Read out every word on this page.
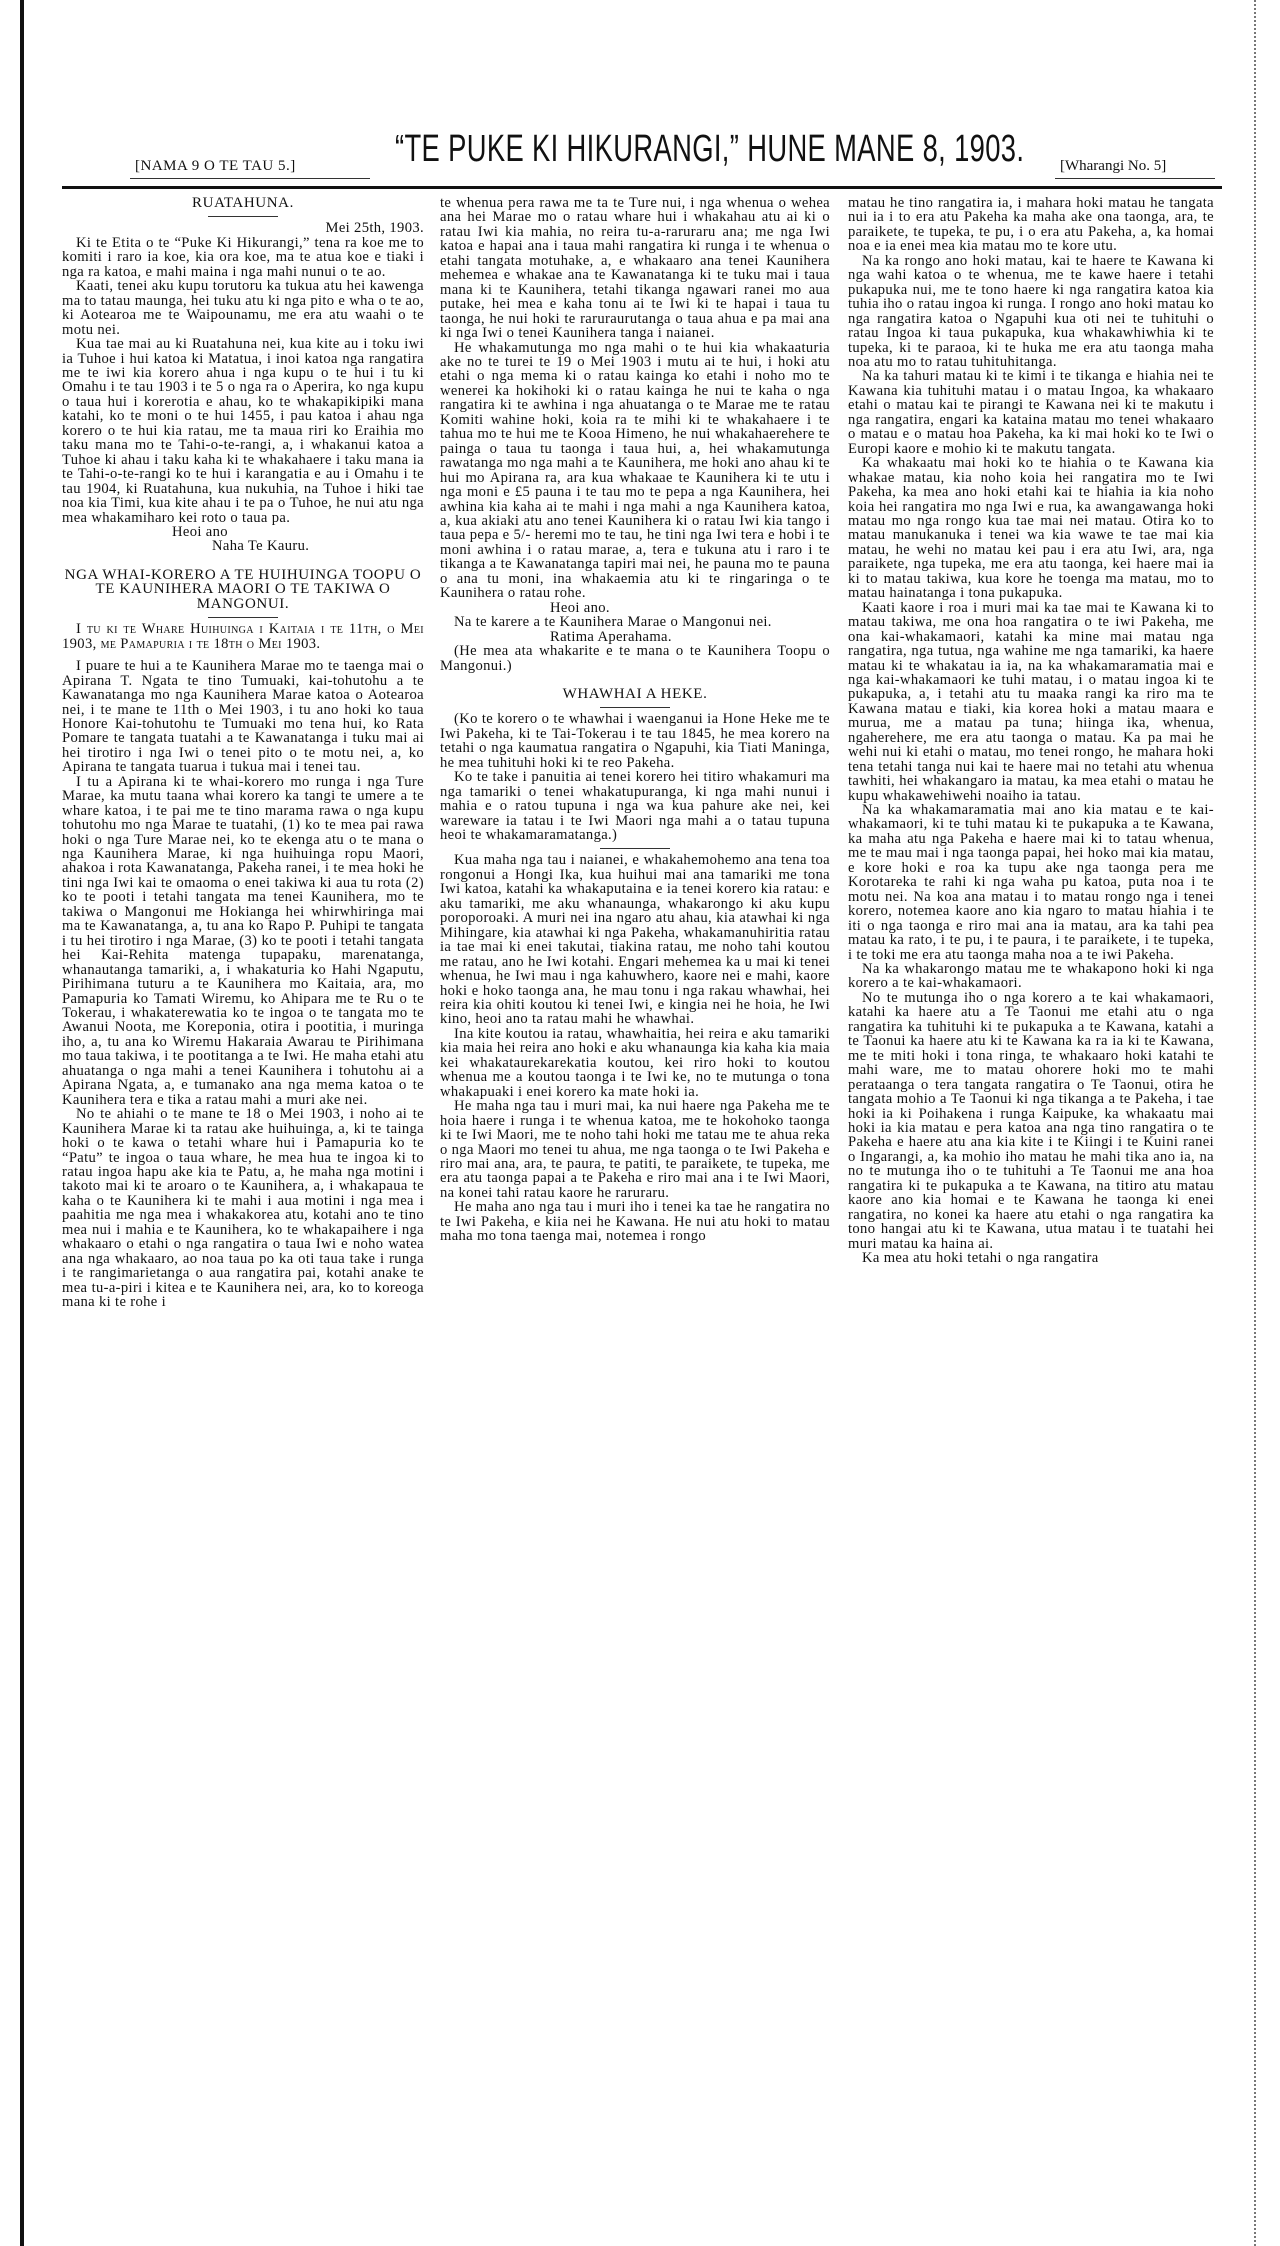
[NAMA 9 O TE TAU 5.]	“TE PUKE KI HIKURANGI,” HUNE MANE 8, 1903. [Wharangi No. 5]

RUATAHUNA.

Mei 25th, 1903.

Ki te Etita o te “Puke Ki Hikurangi,” tena ra koe me to komiti i raro ia koe, kia ora koe, ma te atua koe e tiaki i nga ra katoa, e mahi maina i nga mahi nunui o te ao.

Kaati, tenei aku kupu torutoru ka tukua atu hei kawenga ma to tatau maunga, hei tuku atu ki nga pito e wha o te ao, ki Aotearoa me te Waipounamu, me era atu waahi o te motu nei.

Kua tae mai au ki Ruatahuna nei, kua kite au i toku iwi ia Tuhoe i hui katoa ki Matatua, i inoi katoa nga rangatira me te iwi kia korero ahua i nga kupu o te hui i tu ki Omahu i te tau 1903 i te 5 o nga ra o Aperira, ko nga kupu o taua hui i korerotia e ahau, ko te whakapikipiki mana katahi, ko te moni o te hui 1455, i pau katoa i ahau nga korero o te hui kia ratau, me ta maua riri ko Eraihia mo taku mana mo te Tahi-o-te-rangi, a, i whakanui katoa a Tuhoe ki ahau i taku kaha ki te whakahaere i taku mana ia te Tahi-o-te-rangi ko te hui i karangatia e au i Omahu i te tau 1904, ki Ruatahuna, kua nukuhia, na Tuhoe i hiki tae noa kia Timi, kua kite ahau i te pa o Tuhoe, he nui atu nga mea whakamiharo kei roto o taua pa.

Heoi ano

Naha Te Kauru.

NGA WHAI-KORERO A TE HUIHUINGA TOOPU O TE KAUNIHERA MAORI O TE TAKIWA O MANGONUI.

I tu ki te Whare Huihuinga i Kaitaia i te 11th, o Mei 1903, me Pamapuria i te 18th o Mei 1903.

I puare te hui a te Kaunihera Marae mo te taenga mai o Apirana T. Ngata te tino Tumuaki, kai-tohutohu a te Kawanatanga mo nga Kaunihera Marae katoa o Aotearoa nei, i te mane te 11th o Mei 1903, i tu ano hoki ko taua Honore Kai-tohutohu te Tumuaki mo tena hui, ko Rata Pomare te tangata tuatahi a te Kawanatanga i tuku mai ai hei tirotiro i nga Iwi o tenei pito o te motu nei, a, ko Apirana te tangata tuarua i tukua mai i tenei tau.

I tu a Apirana ki te whai-korero mo runga i nga Ture Marae, ka mutu taana whai korero ka tangi te umere a te whare katoa, i te pai me te tino marama rawa o nga kupu tohutohu mo nga Marae te tuatahi, (1) ko te mea pai rawa hoki o nga Ture Marae nei, ko te ekenga atu o te mana o nga Kaunihera Marae, ki nga huihuinga ropu Maori, ahakoa i rota Kawanatanga, Pakeha ranei, i te mea hoki he tini nga Iwi kai te omaoma o enei takiwa ki aua tu rota (2) ko te pooti i tetahi tangata ma tenei Kaunihera, mo te takiwa o Mangonui me Hokianga hei whirwhiringa mai ma te Kawanatanga, a, tu ana ko Rapo P. Puhipi te tangata i tu hei tirotiro i nga Marae, (3) ko te pooti i tetahi tangata hei Kai-Rehita matenga tupapaku, marenatanga, whanautanga tamariki, a, i whakaturia ko Hahi Ngaputu, Pirihimana tuturu a te Kaunihera mo Kaitaia, ara, mo Pamapuria ko Tamati Wiremu, ko Ahipara me te Ru o te Tokerau, i whakaterewatia ko te ingoa o te tangata mo te Awanui Noota, me Koreponia, otira i pootitia, i muringa iho, a, tu ana ko Wiremu Hakaraia Awarau te Pirihimana mo taua takiwa, i te pootitanga a te Iwi. He maha etahi atu ahuatanga o nga mahi a tenei Kaunihera i tohutohu ai a Apirana Ngata, a, e tumanako ana nga mema katoa o te Kaunihera tera e tika a ratau mahi a muri ake nei.

No te ahiahi o te mane te 18 o Mei 1903, i noho ai te Kaunihera Marae ki ta ratau ake huihuinga, a, ki te tainga hoki o te kawa o tetahi whare hui i Pamapuria ko te “Patu” te ingoa o taua whare, he mea hua te ingoa ki to ratau ingoa hapu ake kia te Patu, a, he maha nga motini i takoto mai ki te aroaro o te Kaunihera, a, i whakapaua te kaha o te Kaunihera ki te mahi i aua motini i nga mea i paahitia me nga mea i whakakorea atu, kotahi ano te tino mea nui i mahia e te Kaunihera, ko te whakapaihere i nga whakaaro o etahi o nga rangatira o taua Iwi e noho watea ana nga whakaaro, ao noa taua po ka oti taua take i runga i te rangimarietanga o aua rangatira pai, kotahi anake te mea tu-a-piri i kitea e te Kaunihera nei, ara, ko to koreoga mana ki te rohe i

te whenua pera rawa me ta te Ture nui, i nga whenua o wehea ana hei Marae mo o ratau whare hui i whakahau atu ai ki o ratau Iwi kia mahia, no reira tu-a-raruraru ana; me nga Iwi katoa e hapai ana i taua mahi rangatira ki runga i te whenua o etahi tangata motuhake, a, e whakaaro ana tenei Kaunihera mehemea e whakae ana te Kawanatanga ki te tuku mai i taua mana ki te Kaunihera, tetahi tikanga ngawari ranei mo aua putake, hei mea e kaha tonu ai te Iwi ki te hapai i taua tu taonga, he nui hoki te raruraurutanga o taua ahua e pa mai ana ki nga Iwi o tenei Kaunihera tanga i naianei.

He whakamutunga mo nga mahi o te hui kia whakaaturia ake no te turei te 19 o Mei 1903 i mutu ai te hui, i hoki atu etahi o nga mema ki o ratau kainga ko etahi i noho mo te wenerei ka hokihoki ki o ratau kainga he nui te kaha o nga rangatira ki te awhina i nga ahuatanga o te Marae me te ratau Komiti wahine hoki, koia ra te mihi ki te whakahaere i te tahua mo te hui me te Kooa Himeno, he nui whakahaerehere te painga o taua tu taonga i taua hui, a, hei whakamutunga rawatanga mo nga mahi a te Kaunihera, me hoki ano ahau ki te hui mo Apirana ra, ara kua whakaae te Kaunihera ki te utu i nga moni e £5 pauna i te tau mo te pepa a nga Kaunihera, hei awhina kia kaha ai te mahi i nga mahi a nga Kaunihera katoa, a, kua akiaki atu ano tenei Kaunihera ki o ratau Iwi kia tango i taua pepa e 5/- heremi mo te tau, he tini nga Iwi tera e hobi i te moni awhina i o ratau marae, a, tera e tukuna atu i raro i te tikanga a te Kawanatanga tapiri mai nei, he pauna mo te pauna o ana tu moni, ina whakaemia atu ki te ringaringa o te Kaunihera o ratau rohe.

Heoi ano.

Na te karere a te Kaunihera Marae o Mangonui nei.

Ratima Aperahama.

(He mea ata whakarite e te mana o te Kaunihera Toopu o Mangonui.)

WHAWHAI A HEKE.

(Ko te korero o te whawhai i waenganui ia Hone Heke me te Iwi Pakeha, ki te Tai-Tokerau i te tau 1845, he mea korero na tetahi o nga kaumatua rangatira o Ngapuhi, kia Tiati Maninga, he mea tuhituhi hoki ki te reo Pakeha.

Ko te take i panuitia ai tenei korero hei titiro whakamuri ma nga tamariki o tenei whakatupuranga, ki nga mahi nunui i mahia e o ratou tupuna i nga wa kua pahure ake nei, kei wareware ia tatau i te Iwi Maori nga mahi a o tatau tupuna heoi te whakamaramatanga.)

Kua maha nga tau i naianei, e whakahemohemo ana tena toa rongonui a Hongi Ika, kua huihui mai ana tamariki me tona Iwi katoa, katahi ka whakaputaina e ia tenei korero kia ratau: e aku tamariki, me aku whanaunga, whakarongo ki aku kupu poroporoaki. A muri nei ina ngaro atu ahau, kia atawhai ki nga Mihingare, kia atawhai ki nga Pakeha, whakamanuhiritia ratau ia tae mai ki enei takutai, tiakina ratau, me noho tahi koutou me ratau, ano he Iwi kotahi. Engari mehemea ka u mai ki tenei whenua, he Iwi mau i nga kahuwhero, kaore nei e mahi, kaore hoki e hoko taonga ana, he mau tonu i nga rakau whawhai, hei reira kia ohiti koutou ki tenei Iwi, e kingia nei he hoia, he Iwi kino, heoi ano ta ratau mahi he whawhai.

Ina kite koutou ia ratau, whawhaitia, hei reira e aku tamariki kia maia hei reira ano hoki e aku whanaunga kia kaha kia maia kei whakataurekarekatia koutou, kei riro hoki to koutou whenua me a koutou taonga i te Iwi ke, no te mutunga o tona whakapuaki i enei korero ka mate hoki ia.

He maha nga tau i muri mai, ka nui haere nga Pakeha me te hoia haere i runga i te whenua katoa, me te hokohoko taonga ki te Iwi Maori, me te noho tahi hoki me tatau me te ahua reka o nga Maori mo tenei tu ahua, me nga taonga o te Iwi Pakeha e riro mai ana, ara, te paura, te patiti, te paraikete, te tupeka, me era atu taonga papai a te Pakeha e riro mai ana i te Iwi Maori, na konei tahi ratau kaore he raruraru.

He maha ano nga tau i muri iho i tenei ka tae he rangatira no te Iwi Pakeha, e kiia nei he Kawana. He nui atu hoki to matau maha mo tona taenga mai, notemea i rongo

matau he tino rangatira ia, i mahara hoki matau he tangata nui ia i to era atu Pakeha ka maha ake ona taonga, ara, te paraikete, te tupeka, te pu, i o era atu Pakeha, a, ka homai noa e ia enei mea kia matau mo te kore utu.

Na ka rongo ano hoki matau, kai te haere te Kawana ki nga wahi katoa o te whenua, me te kawe haere i tetahi pukapuka nui, me te tono haere ki nga rangatira katoa kia tuhia iho o ratau ingoa ki runga. I rongo ano hoki matau ko nga rangatira katoa o Ngapuhi kua oti nei te tuhituhi o ratau Ingoa ki taua pukapuka, kua whakawhiwhia ki te tupeka, ki te paraoa, ki te huka me era atu taonga maha noa atu mo to ratau tuhituhitanga.

Na ka tahuri matau ki te kimi i te tikanga e hiahia nei te Kawana kia tuhituhi matau i o matau Ingoa, ka whakaaro etahi o matau kai te pirangi te Kawana nei ki te makutu i nga rangatira, engari ka kataina matau mo tenei whakaaro o matau e o matau hoa Pakeha, ka ki mai hoki ko te Iwi o Europi kaore e mohio ki te makutu tangata.

Ka whakaatu mai hoki ko te hiahia o te Kawana kia whakae matau, kia noho koia hei rangatira mo te Iwi Pakeha, ka mea ano hoki etahi kai te hiahia ia kia noho koia hei rangatira mo nga Iwi e rua, ka awangawanga hoki matau mo nga rongo kua tae mai nei matau. Otira ko to matau manukanuka i tenei wa kia wawe te tae mai kia matau, he wehi no matau kei pau i era atu Iwi, ara, nga paraikete, nga tupeka, me era atu taonga, kei haere mai ia ki to matau takiwa, kua kore he toenga ma matau, mo to matau hainatanga i tona pukapuka.

Kaati kaore i roa i muri mai ka tae mai te Kawana ki to matau takiwa, me ona hoa rangatira o te iwi Pakeha, me ona kai-whakamaori, katahi ka mine mai matau nga rangatira, nga tutua, nga wahine me nga tamariki, ka haere matau ki te whakatau ia ia, na ka whakamaramatia mai e nga kai-whakamaori ke tuhi matau, i o matau ingoa ki te pukapuka, a, i tetahi atu tu maaka rangi ka riro ma te Kawana matau e tiaki, kia korea hoki a matau maara e murua, me a matau pa tuna; hiinga ika, whenua, ngaherehere, me era atu taonga o matau. Ka pa mai he wehi nui ki etahi o matau, mo tenei rongo, he mahara hoki tena tetahi tanga nui kai te haere mai no tetahi atu whenua tawhiti, hei whakangaro ia matau, ka mea etahi o matau he kupu whakawehiwehi noaiho ia tatau.

Na ka whakamaramatia mai ano kia matau e te kai-whakamaori, ki te tuhi matau ki te pukapuka a te Kawana, ka maha atu nga Pakeha e haere mai ki to tatau whenua, me te mau mai i nga taonga papai, hei hoko mai kia matau, e kore hoki e roa ka tupu ake nga taonga pera me Korotareka te rahi ki nga waha pu katoa, puta noa i te motu nei. Na koa ana matau i to matau rongo nga i tenei korero, notemea kaore ano kia ngaro to matau hiahia i te iti o nga taonga e riro mai ana ia matau, ara ka tahi pea matau ka rato, i te pu, i te paura, i te paraikete, i te tupeka, i te toki me era atu taonga maha noa a te iwi Pakeha.

Na ka whakarongo matau me te whakapono hoki ki nga korero a te kai-whakamaori.

No te mutunga iho o nga korero a te kai whakamaori, katahi ka haere atu a Te Taonui me etahi atu o nga rangatira ka tuhituhi ki te pukapuka a te Kawana, katahi a te Taonui ka haere atu ki te Kawana ka ra ia ki te Kawana, me te miti hoki i tona ringa, te whakaaro hoki katahi te mahi ware, me to matau ohorere hoki mo te mahi perataanga o tera tangata rangatira o Te Taonui, otira he tangata mohio a Te Taonui ki nga tikanga a te Pakeha, i tae hoki ia ki Poihakena i runga Kaipuke, ka whakaatu mai hoki ia kia matau e pera katoa ana nga tino rangatira o te Pakeha e haere atu ana kia kite i te Kiingi i te Kuini ranei o Ingarangi, a, ka mohio iho matau he mahi tika ano ia, na no te mutunga iho o te tuhituhi a Te Taonui me ana hoa rangatira ki te pukapuka a te Kawana, na titiro atu matau kaore ano kia homai e te Kawana he taonga ki enei rangatira, no konei ka haere atu etahi o nga rangatira ka tono hangai atu ki te Kawana, utua matau i te tuatahi hei muri matau ka haina ai.

Ka mea atu hoki tetahi o nga rangatira
